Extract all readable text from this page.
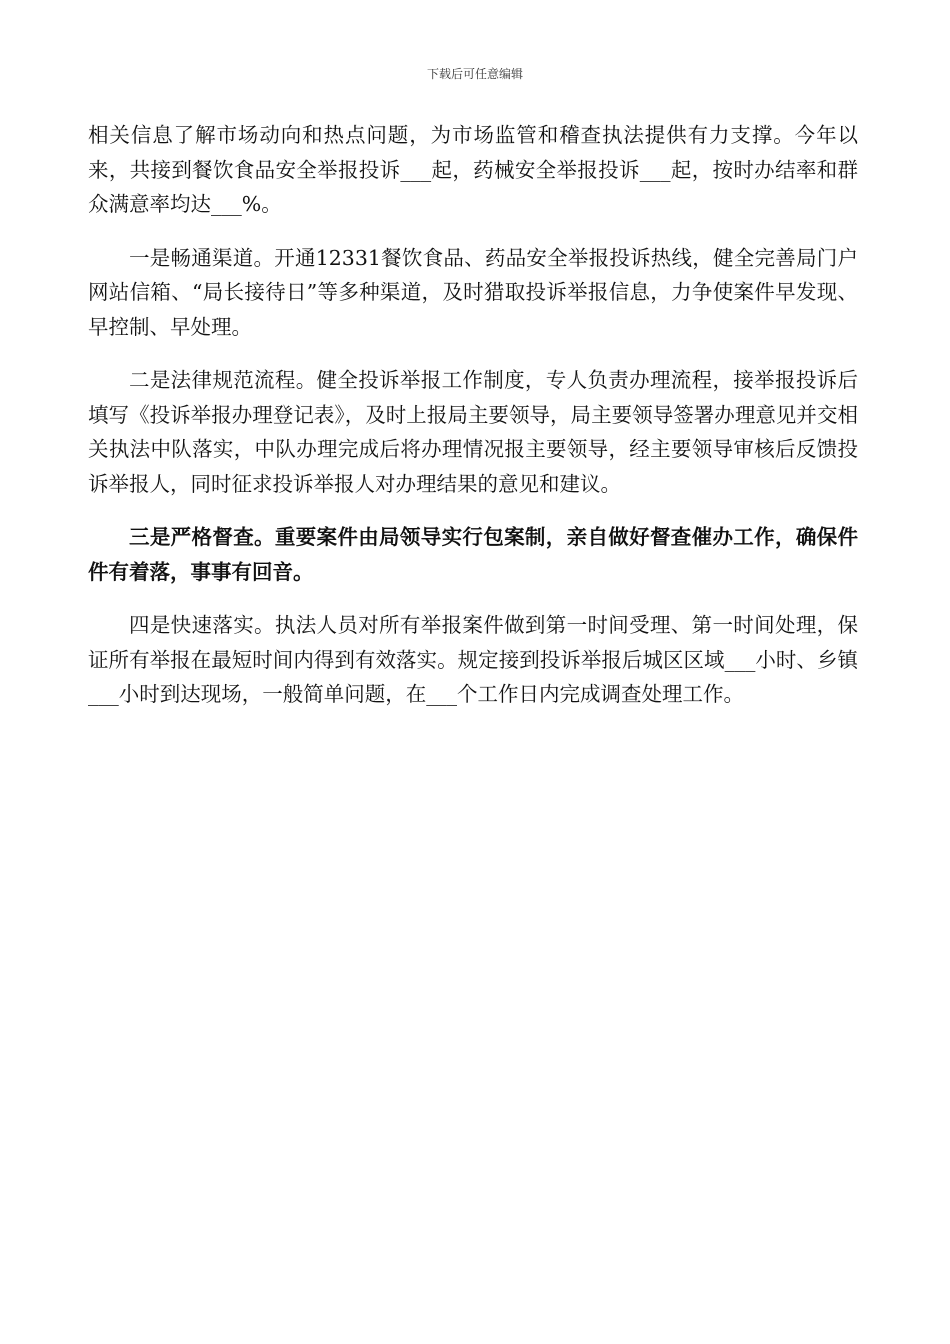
下载后可任意编辑

相关信息了解市场动向和热点问题，为市场监管和稽查执法提供有力支撑。今年以来，共接到餐饮食品安全举报投诉___起，药械安全举报投诉___起，按时办结率和群众满意率均达___%。

一是畅通渠道。开通12331餐饮食品、药品安全举报投诉热线，健全完善局门户网站信箱、“局长接待日”等多种渠道，及时猎取投诉举报信息，力争使案件早发现、早控制、早处理。

二是法律规范流程。健全投诉举报工作制度，专人负责办理流程，接举报投诉后填写《投诉举报办理登记表》，及时上报局主要领导，局主要领导签署办理意见并交相关执法中队落实，中队办理完成后将办理情况报主要领导，经主要领导审核后反馈投诉举报人，同时征求投诉举报人对办理结果的意见和建议。

三是严格督查。重要案件由局领导实行包案制，亲自做好督查催办工作，确保件件有着落，事事有回音。

四是快速落实。执法人员对所有举报案件做到第一时间受理、第一时间处理，保证所有举报在最短时间内得到有效落实。规定接到投诉举报后城区区域___小时、乡镇___小时到达现场，一般简单问题，在___个工作日内完成调查处理工作。
